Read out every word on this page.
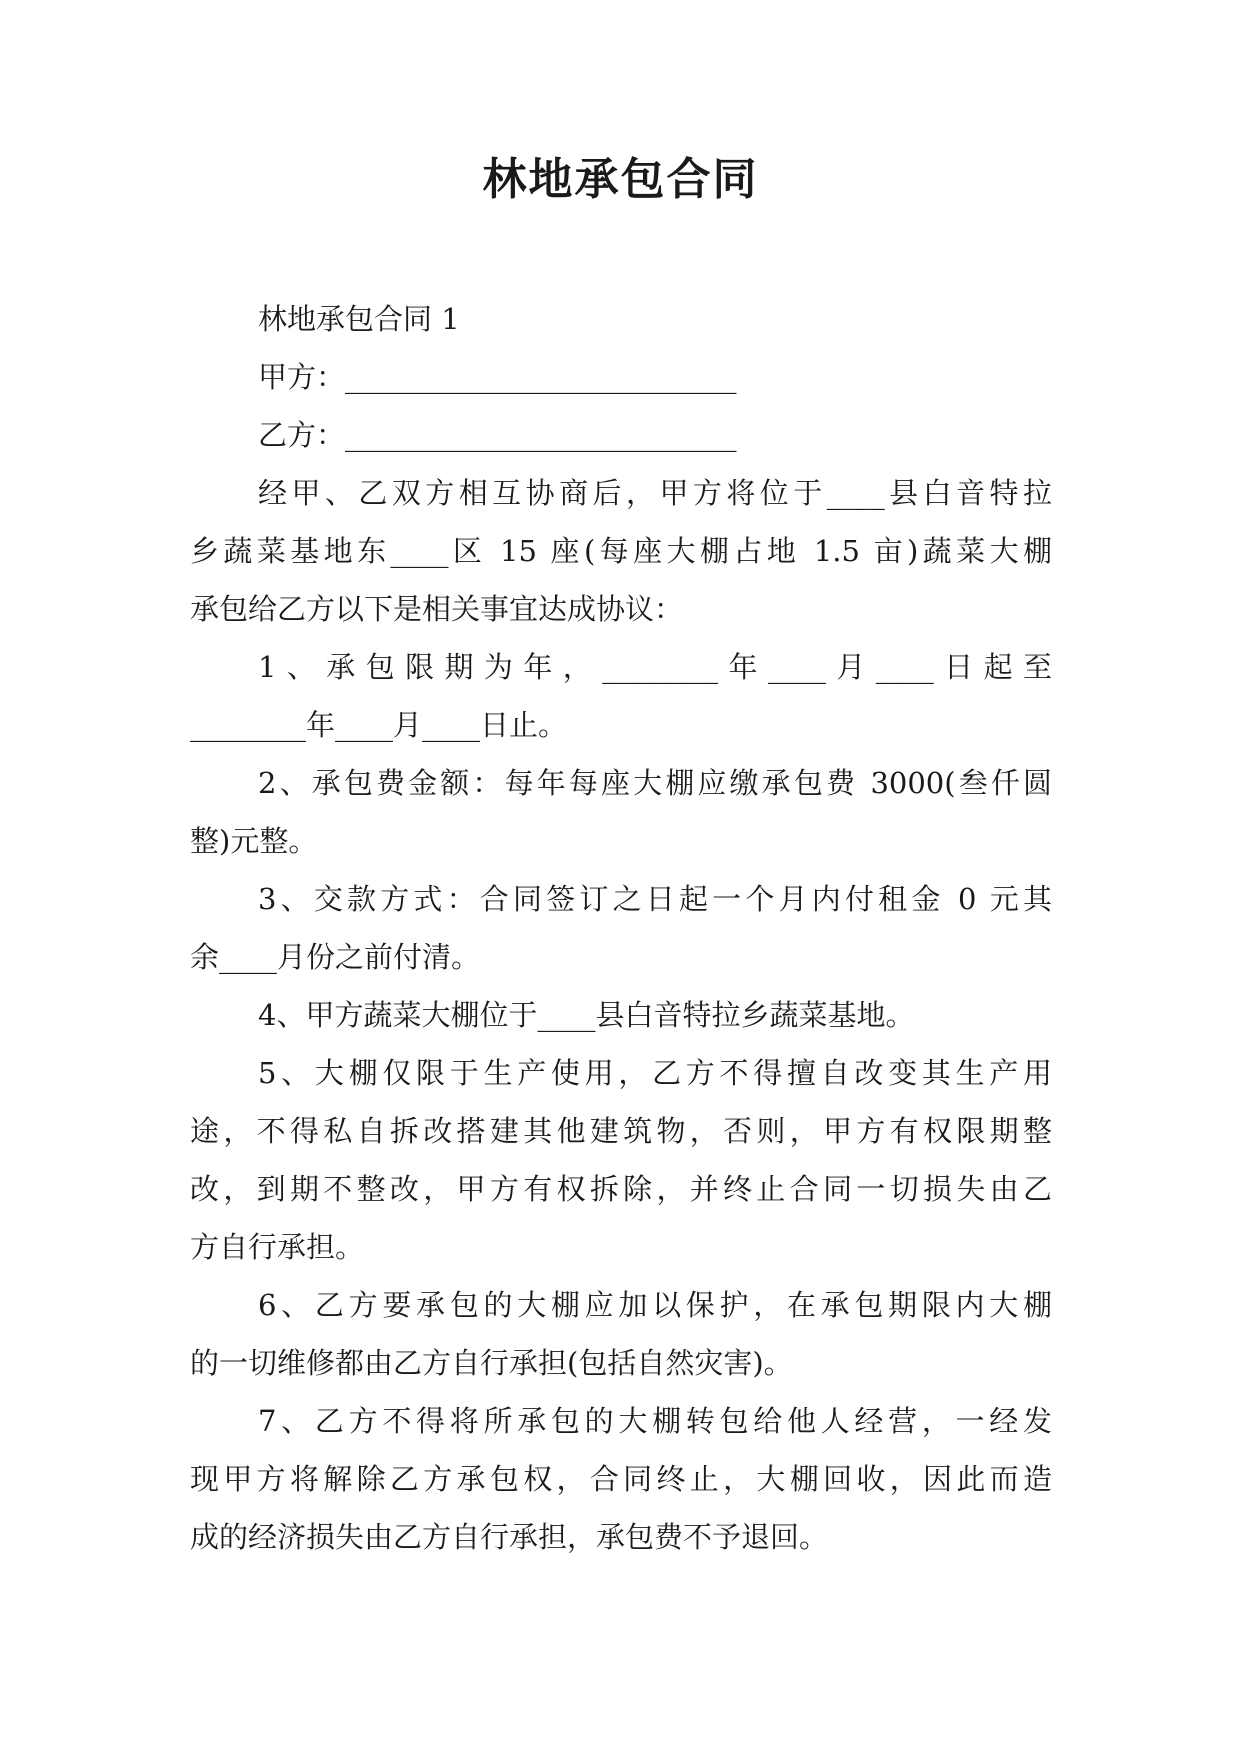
林地承包合同

林地承包合同 1

甲方：___________________________

乙方：___________________________

经甲、乙双方相互协商后，甲方将位于____县白音特拉

乡蔬菜基地东____区 15 座(每座大棚占地 1.5 亩)蔬菜大棚

承包给乙方以下是相关事宜达成协议：

1、承包限期为年，________年____月____日起至

________年____月____日止。

2、承包费金额：每年每座大棚应缴承包费 3000(叁仟圆

整)元整。

3、交款方式：合同签订之日起一个月内付租金 0 元其

余____月份之前付清。

4、甲方蔬菜大棚位于____县白音特拉乡蔬菜基地。

5、大棚仅限于生产使用，乙方不得擅自改变其生产用

途，不得私自拆改搭建其他建筑物，否则，甲方有权限期整

改，到期不整改，甲方有权拆除，并终止合同一切损失由乙

方自行承担。

6、乙方要承包的大棚应加以保护，在承包期限内大棚

的一切维修都由乙方自行承担(包括自然灾害)。

7、乙方不得将所承包的大棚转包给他人经营，一经发

现甲方将解除乙方承包权，合同终止，大棚回收，因此而造

成的经济损失由乙方自行承担，承包费不予退回。
